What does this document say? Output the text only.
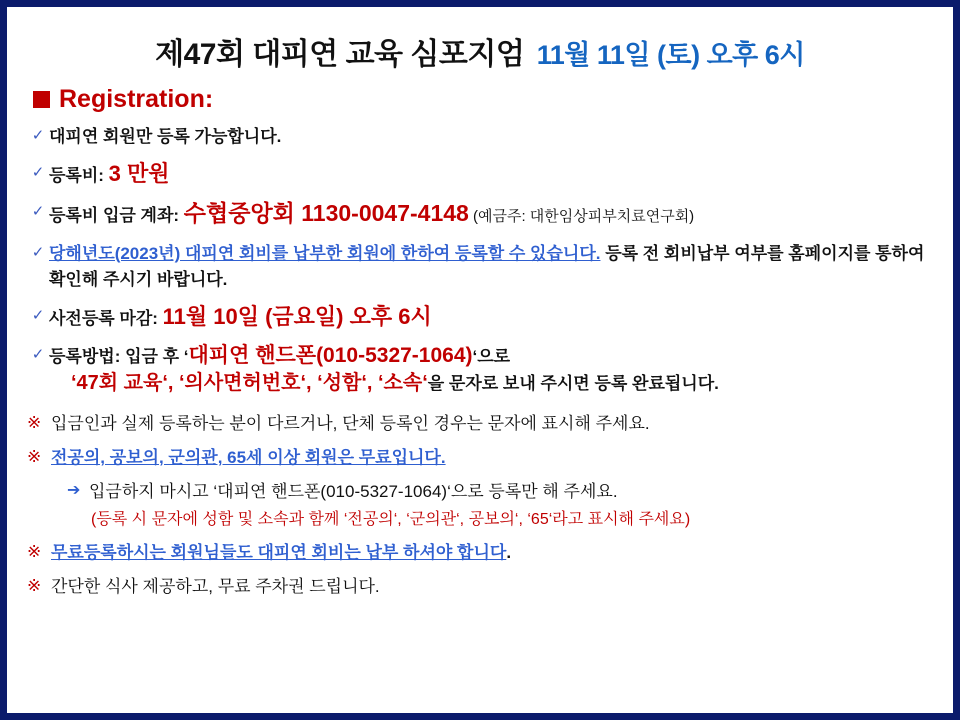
제47회 대피연 교육 심포지엄 11월 11일 (토) 오후 6시
Registration:
✓ 대피연 회원만 등록 가능합니다.
✓ 등록비: 3 만원
✓ 등록비 입금 계좌: 수협중앙회 1130-0047-4148 (예금주: 대한임상피부치료연구회)
✓ 당해년도(2023년) 대피연 회비를 납부한 회원에 한하여 등록할 수 있습니다. 등록 전 회비납부 여부를 홈페이지를 통하여 확인해 주시기 바랍니다.
✓ 사전등록 마감: 11월 10일 (금요일) 오후 6시
✓ 등록방법: 입금 후 ‘대피연 핸드폰(010-5327-1064)‘으로
‘47회 교육‘, ‘의사면허번호‘, ‘성함‘, ‘소속‘을 문자로 보내 주시면 등록 완료됩니다.
※ 입금인과 실제 등록하는 분이 다르거나, 단체 등록인 경우는 문자에 표시해 주세요.
※ 전공의, 공보의, 군의관, 65세 이상 회원은 무료입니다.
➔ 입금하지 마시고 ‘대피연 핸드폰(010-5327-1064)‘으로 등록만 해 주세요.
(등록 시 문자에 성함 및 소속과 함께 ‘전공의‘, ‘군의관‘, 공보의‘, ‘65‘라고 표시해 주세요)
※ 무료등록하시는 회원님들도 대피연 회비는 납부 하셔야 합니다.
※ 간단한 식사 제공하고, 무료 주차권 드립니다.
